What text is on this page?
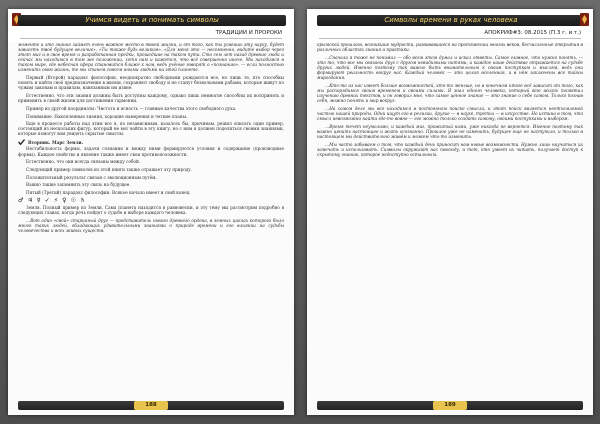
Учимся видеть и понимать символы
ТРАДИЦИИ И ПРОРОКИ

моменте и это знание займет очень важное место в твоей жизни, и от того, как ты усвоишь эту науку, будет зависеть твоё будущее величие». «Ты также будь великим». «Для меня это — несомненно, видите выбор через этот миг и в свое время и разработанная предки, прошедшие на таком пути. Сто сем лет назад древние люди и сейчас мы находимся в том же положении, хотя нам и кажется, что всё совершенно иначе. Мы находимся в таком мире, где небесная сфера становится ближе к нам, ведь учёные говорят о «познанию». — если полностью изменить свою жизнь, то мы станем совсем иными людьми на этой планете.

Первый (Второй) парадокс философии, неоднократно свободными рождаются все, но лишь те, кто способны понять и найти своё предназначение в жизни, сохраняют свободу и не станут безвольными рабами, которые живут по чужим законам и правилам, навязанным им извне.

Естественно, что эти знания должны быть доступны каждому, однако лишь немногие способны их воспринять и применить в своей жизни для достижения гармонии.

Пример из другой координаты: Чистота и ясность — главные качества этого свободного духа.

Понимание. Накопленные знания, хорошие намерения и четкие планы.

Еще в процессе работы над этим все я, по независимым, казалось бы, причинам, решил описать один пример, состоящий из нескольких фигур, который не мог войти в эту книгу, но с ним я должен поделиться своими знаниями, которые помогут вам увидеть скрытые смыслы.

Вторник. Марс Земли.

Нестабильность формы, задачи сознания и между ними формируются условия и содержание (производные формы). Каждое свойство и явление также имеет свои противоположности.

Естественно, что они всегда связаны между собой.

Следующий пример символов из этой книги также отражает эту природу.

Положительный результат связан с эволюционным путём.

Важно также запомнить эту связь на будущее.

Пятый (Третий) парадокс философии. Всякое начало имеет и свой конец.

♂ ♃ ☿ ✓ ⚡ ♀ ☉ ♄

Земля. Полный пример из Земли. Сама планета находится в равновесии, и эту тему мы рассмотрим подробно в следующих главах, когда речь пойдет о судьбе и выборе каждого человека.

…Вот один «свой» старинный друг — представитель нового древнего ордена, в земных циклах которого было много таких людей, обладающих удивительными знаниями о природе времени и его влиянии на судьбы человечества и всех живых существ.

188
Символы времени в руках человека
АПОКРИФ#3: 08.2015 (П.3 г. и т.)

крымской прошлого, возникшие мудрости, развивавшиеся на протяжении многих веков, бесчисленные открытия в различных областях знания и практики.

…Сначала я тоже не понимал — обо всем этом думал и искал ответы. Самое главное, что нужно понять, — это то, что все мы связаны друг с другом невидимыми нитями, и каждое наше действие отражается на судьбе других людей. Именно поэтому так важно быть внимательным к своим поступкам и мыслям, ведь они формируют реальность вокруг нас. Каждый человек — это целая вселенная, и в нём заключены все тайны мироздания.

…Кто-то из нас имеет больше возможностей, кто-то меньше, но в конечном итоге всё зависит от того, как мы распорядимся своим временем и своими силами. Я знал одного человека, который всю жизнь посвятил изучению древних текстов, и он говорил мне, что самое ценное знание — это знание о себе самом. Только познав себя, можно понять и мир вокруг.

…На самом деле мы все находимся в постоянном поиске смысла, и этот поиск является неотъемлемой частью нашей природы. Одни ищут его в религии, другие — в науке, третьи — в искусстве. Но истина в том, что смысл невозможно найти где-то вовне — его можно только создать самому, своими поступками и выбором.

…Время течет неумолимо, и каждый миг, прожитый нами, уже никогда не вернется. Именно поэтому так важно ценить настоящее и жить осознанно. Прошлое уже не изменить, будущее еще не наступило, и только в настоящем мы действительно живём и можем что-то изменить.

…Мы часто забываем о том, что каждый день приносит нам новые возможности. Нужно лишь научиться их замечать и использовать. Символы окружают нас повсюду, и тот, кто умеет их читать, получает доступ к скрытому знанию, которое недоступно остальным.

189
